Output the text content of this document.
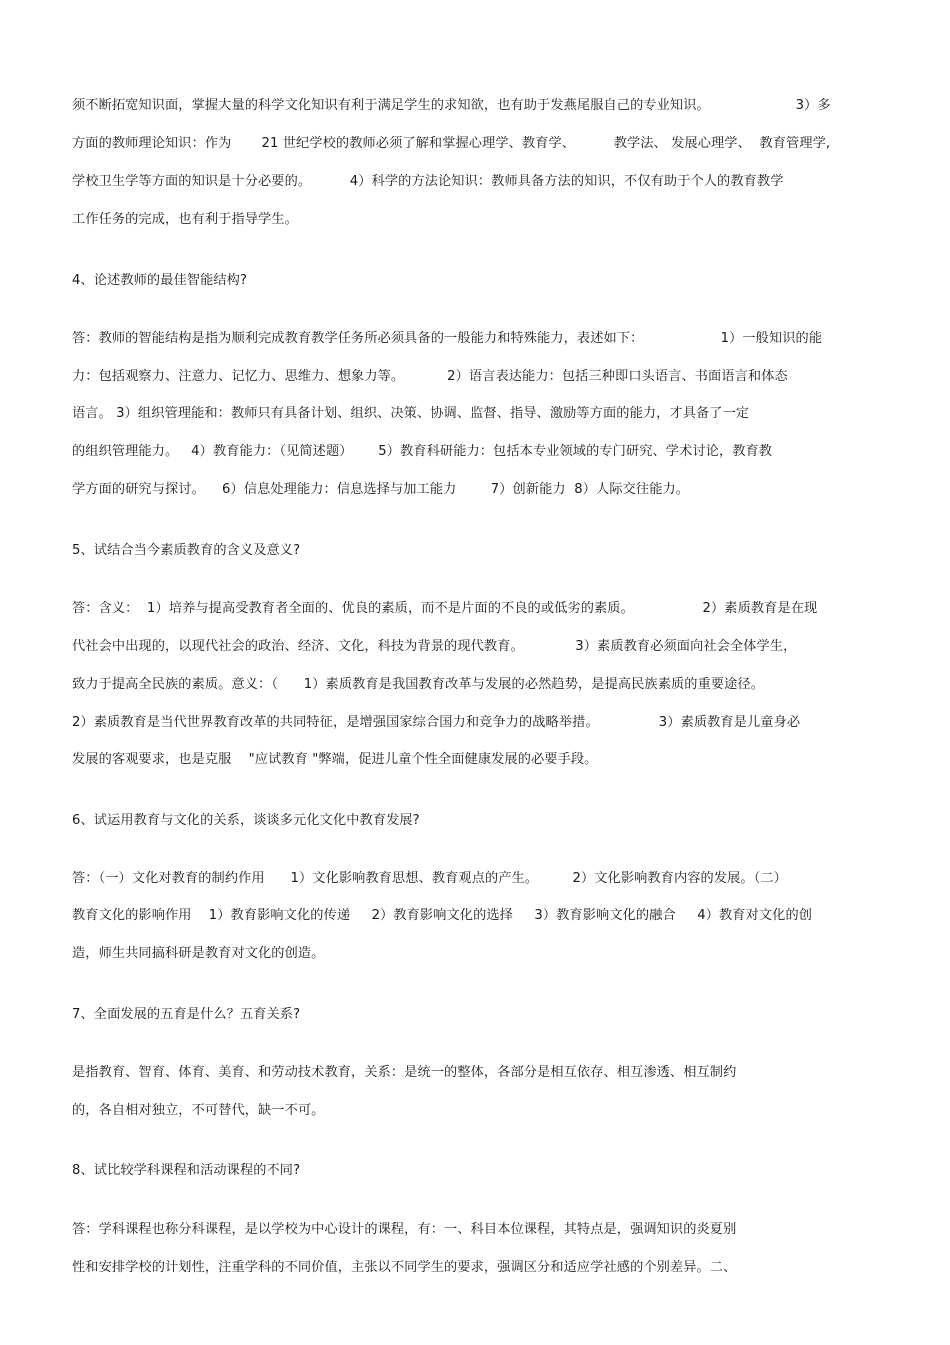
须不断拓宽知识面，掌握大量的科学文化知识有利于满足学生的求知欲，也有助于发燕尾服自己的专业知识。                    3）多
方面的教师理论知识：作为       21 世纪学校的教师必须了解和掌握心理学、教育学、         教学法、 发展心理学、  教育管理学,
学校卫生学等方面的知识是十分必要的。         4）科学的方法论知识：教师具备方法的知识，不仅有助于个人的教育教学
工作任务的完成，也有利于指导学生。
4、论述教师的最佳智能结构?
答：教师的智能结构是指为顺利完成教育教学任务所必须具备的一般能力和特殊能力，表述如下：                  1）一般知识的能
力：包括观察力、注意力、记忆力、思维力、想象力等。          2）语言表达能力：包括三种即口头语言、书面语言和体态
语言。 3）组织管理能和：教师只有具备计划、组织、决策、协调、监督、指导、激励等方面的能力，才具备了一定
的组织管理能力。   4）教育能力：（见简述题）      5）教育科研能力：包括本专业领域的专门研究、学术讨论，教育教
学方面的研究与探讨。    6）信息处理能力：信息选择与加工能力        7）创新能力  8）人际交往能力。
5、试结合当今素质教育的含义及意义?
答：含义：  1）培养与提高受教育者全面的、优良的素质，而不是片面的不良的或低劣的素质。                2）素质教育是在现
代社会中出现的，以现代社会的政治、经济、文化，科技为背景的现代教育。            3）素质教育必须面向社会全体学生，
致力于提高全民族的素质。意义：（      1）素质教育是我国教育改革与发展的必然趋势，是提高民族素质的重要途径。
2）素质教育是当代世界教育改革的共同特征，是增强国家综合国力和竞争力的战略举措。              3）素质教育是儿童身必
发展的客观要求，也是克服    "应试教育 "弊端，促进儿童个性全面健康发展的必要手段。
6、试运用教育与文化的关系，谈谈多元化文化中教育发展?
答：（一）文化对教育的制约作用      1）文化影响教育思想、教育观点的产生。        2）文化影响教育内容的发展。（二）
教育文化的影响作用    1）教育影响文化的传递     2）教育影响文化的选择     3）教育影响文化的融合     4）教育对文化的创
造，师生共同搞科研是教育对文化的创造。
7、全面发展的五育是什么？五育关系?
是指教育、智育、体育、美育、和劳动技术教育，关系：是统一的整体，各部分是相互依存、相互渗透、相互制约
的，各自相对独立，不可替代，缺一不可。
8、试比较学科课程和活动课程的不同?
答：学科课程也称分科课程，是以学校为中心设计的课程，有：一、科目本位课程，其特点是，强调知识的炎夏别
性和安排学校的计划性，注重学科的不同价值，主张以不同学生的要求，强调区分和适应学社感的个别差异。二、
